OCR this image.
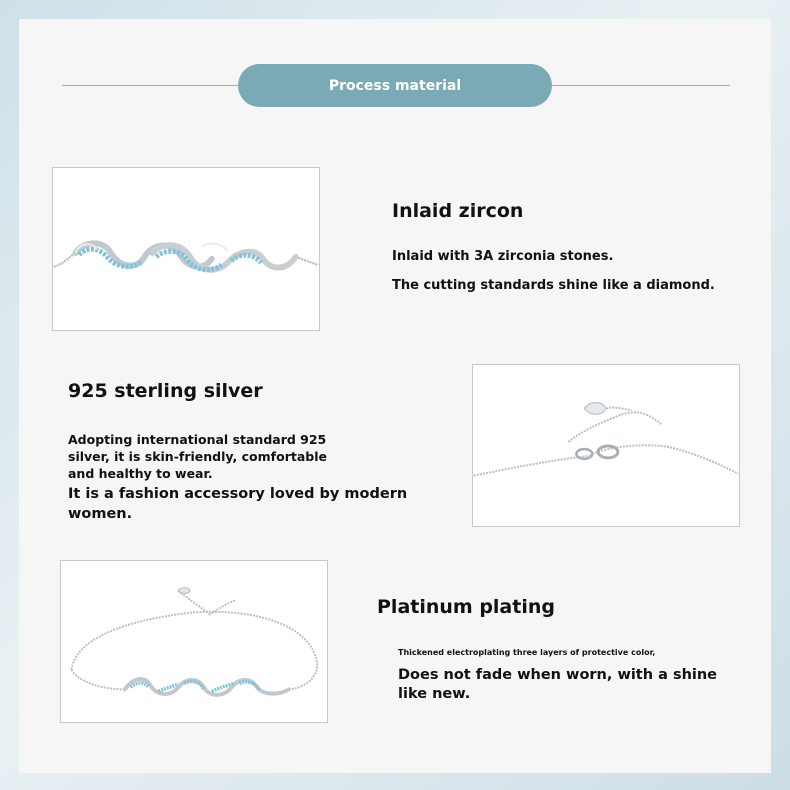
Process material
Inlaid zircon
Inlaid with 3A zirconia stones.
The cutting standards shine like a diamond.
925 sterling silver
Adopting international standard 925
silver, it is skin-friendly, comfortable
and healthy to wear.
It is a fashion accessory loved by modern
women.
Platinum plating
Thickened electroplating three layers of protective color,
Does not fade when worn, with a shine
like new.
